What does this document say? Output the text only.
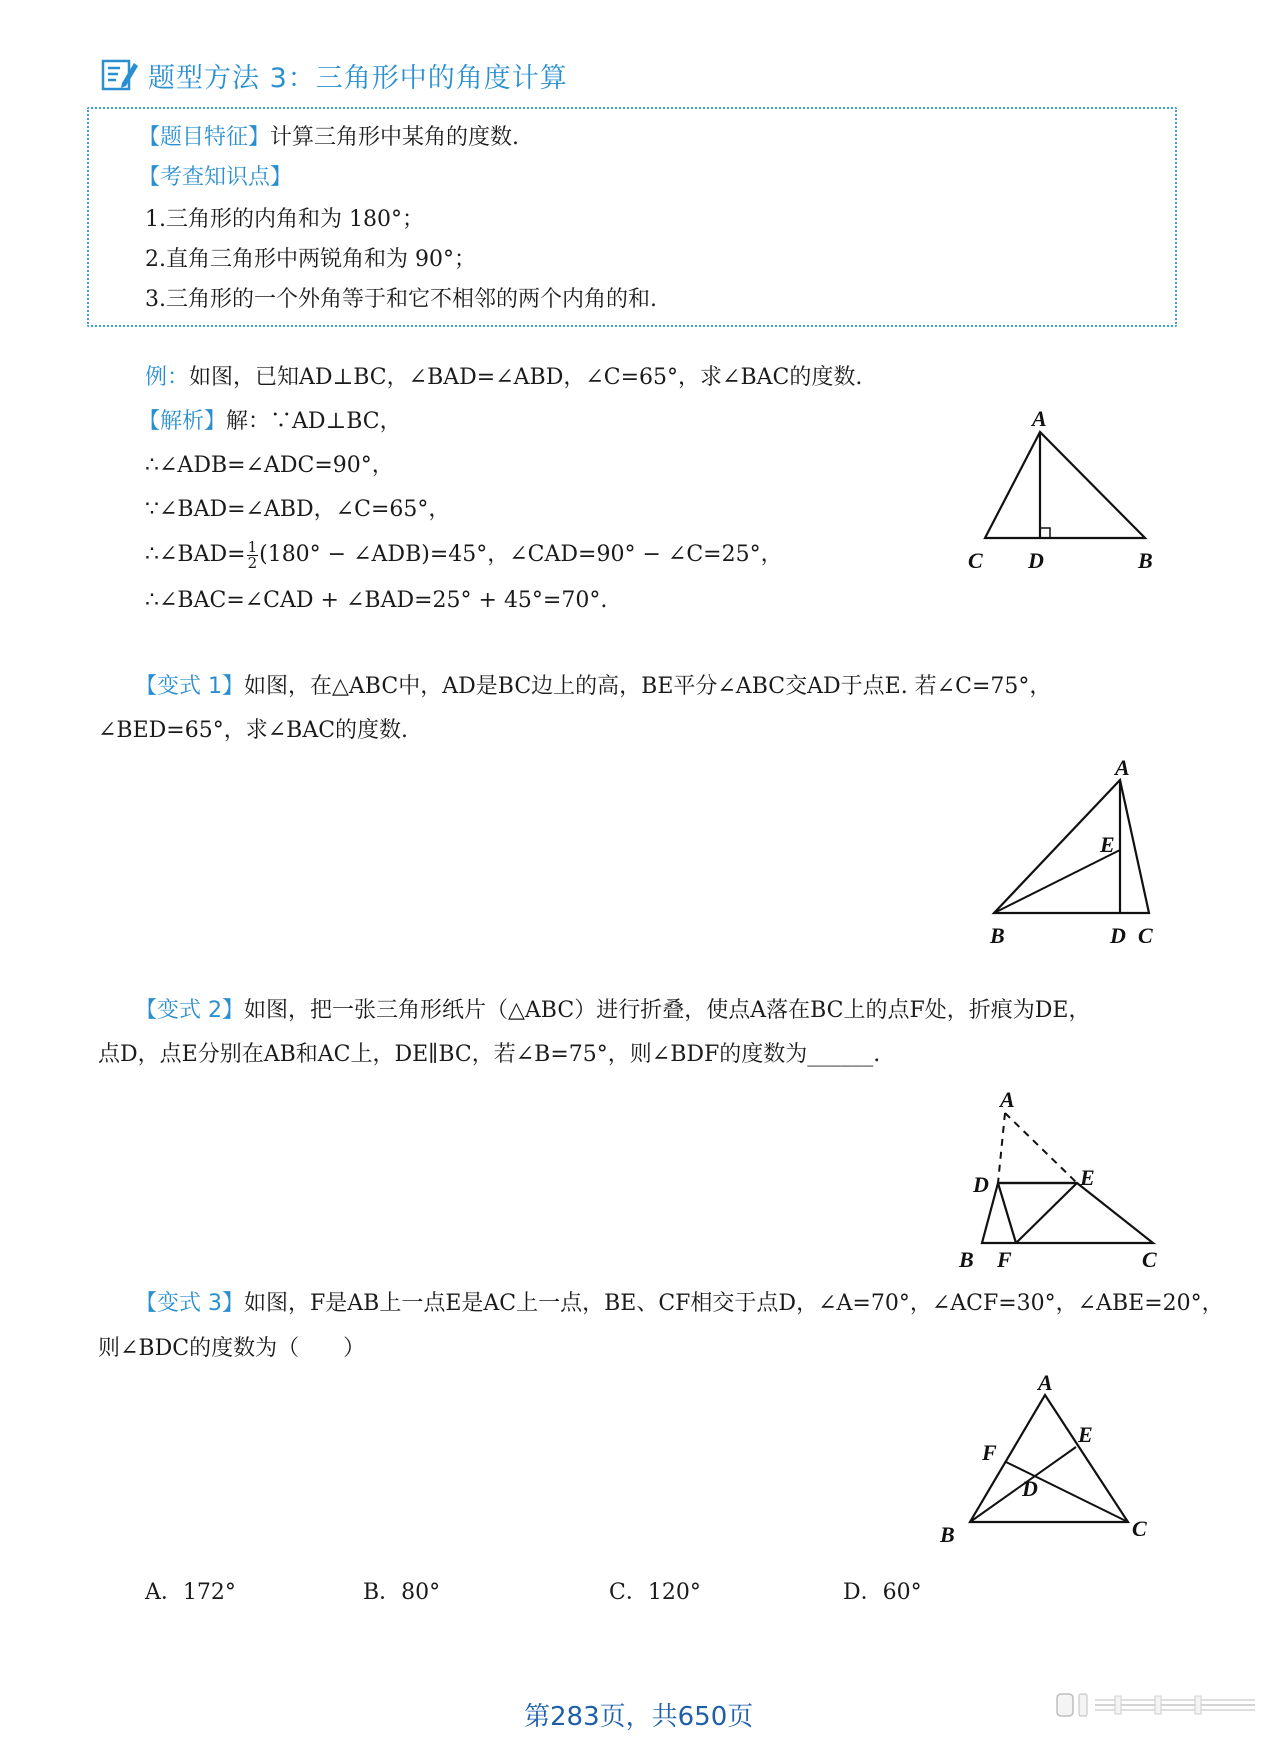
题型方法 3：三角形中的角度计算
【题目特征】计算三角形中某角的度数.
【考查知识点】
1.三角形的内角和为 180°；
2.直角三角形中两锐角和为 90°；
3.三角形的一个外角等于和它不相邻的两个内角的和.
例：如图，已知AD⊥BC，∠BAD=∠ABD，∠C=65°，求∠BAC的度数.
【解析】解：∵AD⊥BC，
∴∠ADB=∠ADC=90°，
∵∠BAD=∠ABD，∠C=65°，
∴∠BAD= $\frac{1}{2} (180^\circ$ − ∠ADB)=45°，∠CAD=90° − ∠C=25°，
∴∠BAC=∠CAD + ∠BAD=25° + 45°=70°.
A
C D	B
【变式 1】如图，在△ABC中，AD是BC边上的高，BE平分∠ABC交AD于点E. 若∠C=75°，
∠BED=65°，求∠BAC的度数.
A
E
B	D C
【变式 2】如图，把一张三角形纸片（△ABC）进行折叠，使点A落在BC上的点F处，折痕为DE，
点D，点E分别在AB和AC上，DE∥BC，若∠B=75°，则∠BDF的度数为______.
A
D	E
B F	C
【变式 3】如图，F是AB上一点E是AC上一点，BE、CF相交于点D，∠A=70°，∠ACF=30°，∠ABE=20°，
则∠BDC的度数为（　　）
A
E
F
D
B	C
A．172°	B．80°	C．120°	D．60°
第283页，共650页
